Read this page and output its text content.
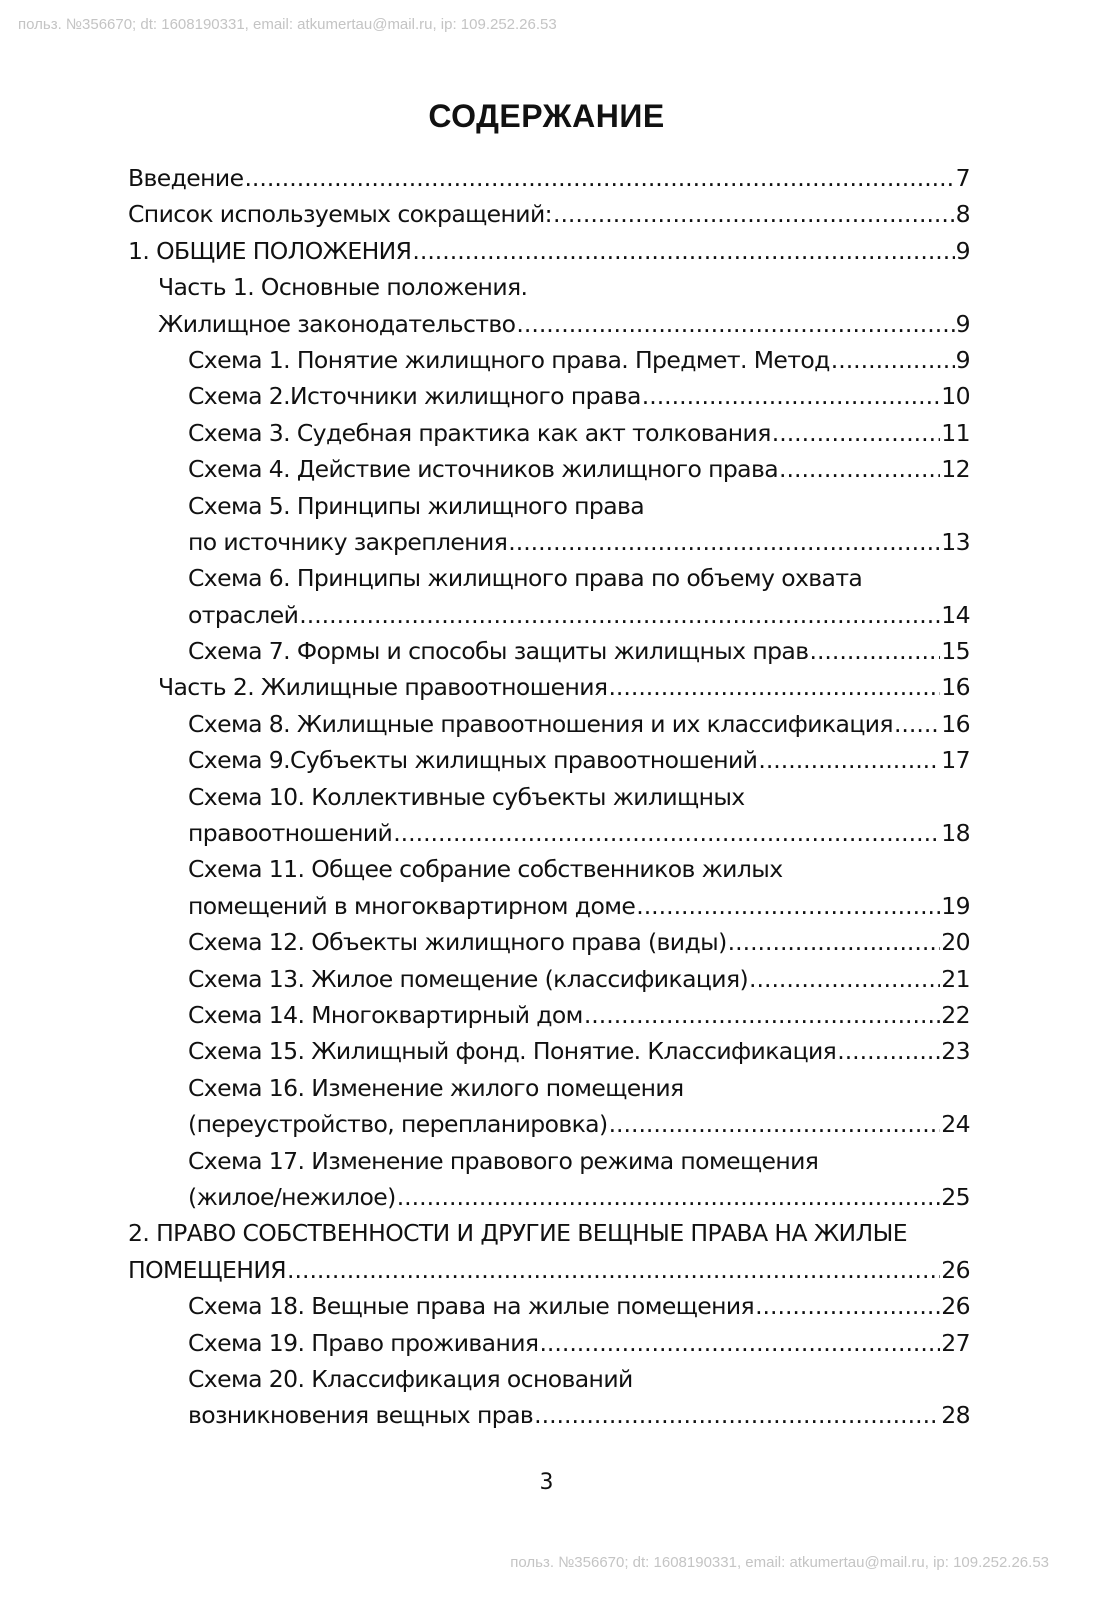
польз. №356670; dt: 1608190331, email: atkumertau@mail.ru, ip: 109.252.26.53
СОДЕРЖАНИЕ
Введение .....	7
Список используемых сокращений: .....	8
1. ОБЩИЕ ПОЛОЖЕНИЯ .....	9
Часть 1. Основные положения.
Жилищное законодательство .....	9
Схема 1. Понятие жилищного права. Предмет. Метод .....	9
Схема 2.Источники жилищного права .....	10
Схема 3. Судебная практика как акт толкования .....	11
Схема 4. Действие источников жилищного права .....	12
Схема 5. Принципы жилищного права
по источнику закрепления .....	13
Схема 6. Принципы жилищного права по объему охвата
отраслей .....	14
Схема 7. Формы и способы защиты жилищных прав .....	15
Часть 2. Жилищные правоотношения .....	16
Схема 8. Жилищные правоотношения и их классификация ..... 16
Схема 9.Субъекты жилищных правоотношений .....	17
Схема 10. Коллективные субъекты жилищных
правоотношений .....	18
Схема 11. Общее собрание собственников жилых
помещений в многоквартирном доме .....	19
Схема 12. Объекты жилищного права (виды) .....	20
Схема 13. Жилое помещение (классификация) .....	21
Схема 14. Многоквартирный дом .....	22
Схема 15. Жилищный фонд. Понятие. Классификация .....	23
Схема 16. Изменение жилого помещения
(переустройство, перепланировка) .....	24
Схема 17. Изменение правового режима помещения
(жилое/нежилое) .....	25
2. ПРАВО СОБСТВЕННОСТИ И ДРУГИЕ ВЕЩНЫЕ ПРАВА НА ЖИЛЫЕ
ПОМЕЩЕНИЯ .....	26
Схема 18. Вещные права на жилые помещения .....	26
Схема 19. Право проживания .....	27
Схема 20. Классификация оснований
возникновения вещных прав .....	28
3
польз. №356670; dt: 1608190331, email: atkumertau@mail.ru, ip: 109.252.26.53
